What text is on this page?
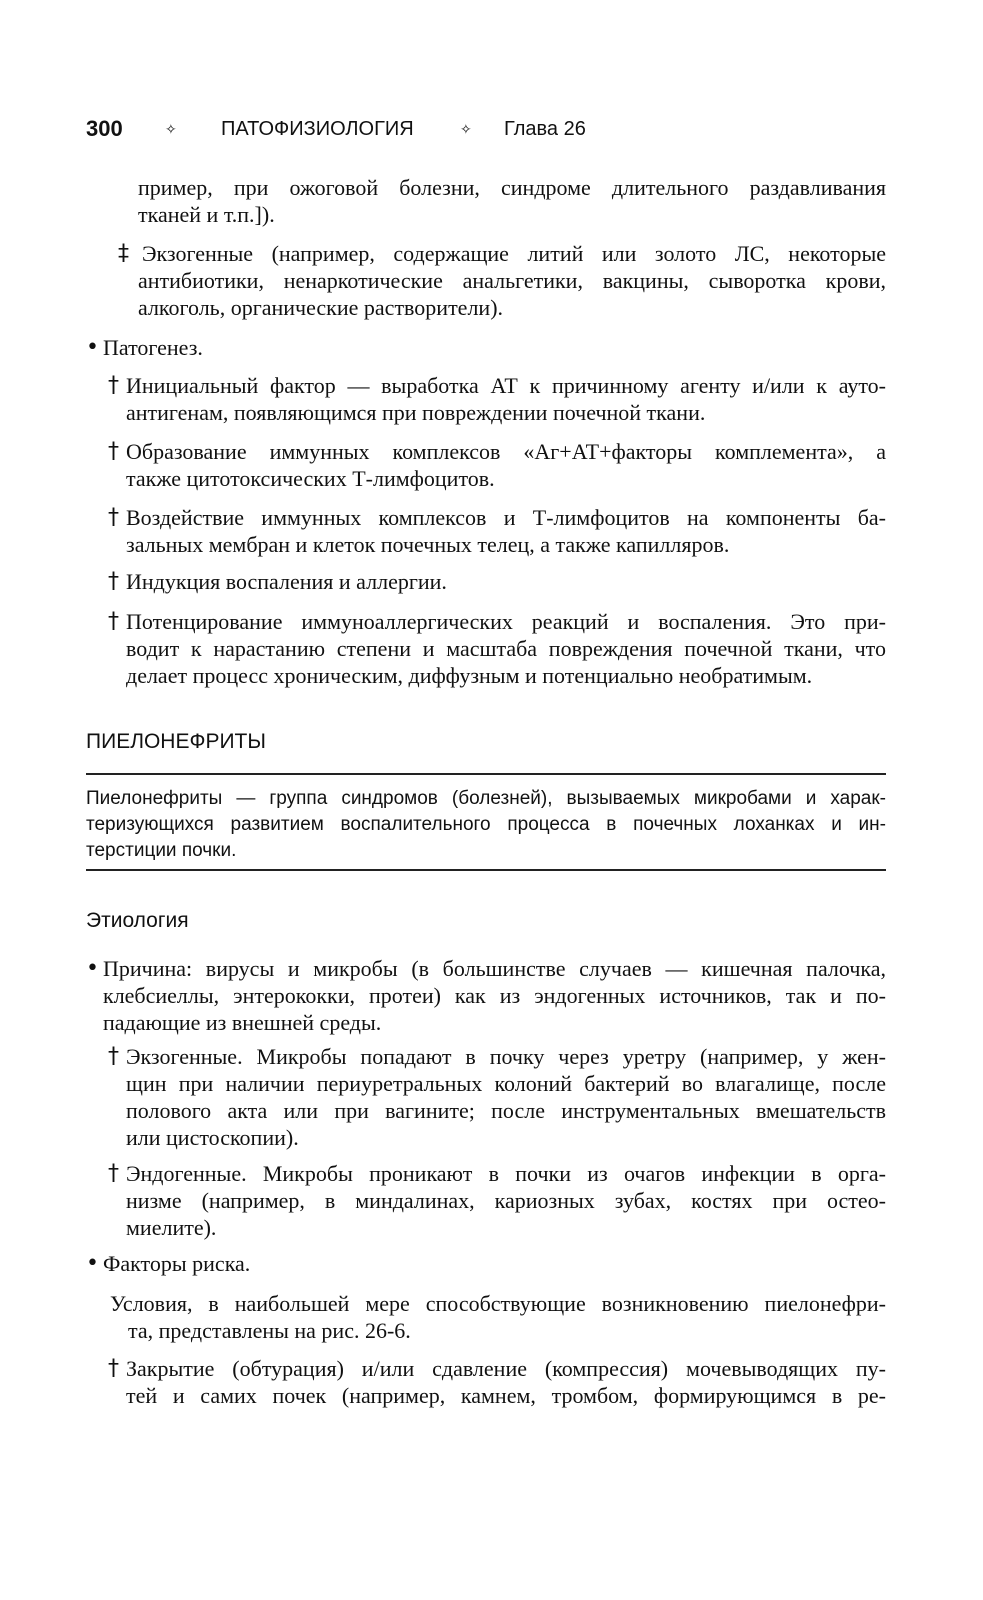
300	✧ ПАТОФИЗИОЛОГИЯ	✧ Глава 26
пример, при ожоговой болезни, синдроме длительного раздавливания
тканей и т.п.]).
‡ Экзогенные (например, содержащие литий или золото ЛС, некоторые
антибиотики, ненаркотические анальгетики, вакцины, сыворотка крови,
алкоголь, органические растворители).
• Патогенез.
† Инициальный фактор — выработка АТ к причинному агенту и/или к ауто-
антигенам, появляющимся при повреждении почечной ткани.
† Образование иммунных комплексов «Аг+АТ+факторы комплемента», а
также цитотоксических Т-лимфоцитов.
† Воздействие иммунных комплексов и Т-лимфоцитов на компоненты ба-
зальных мембран и клеток почечных телец, а также капилляров.
† Индукция воспаления и аллергии.
† Потенцирование иммуноаллергических реакций и воспаления. Это при-
водит к нарастанию степени и масштаба повреждения почечной ткани, что
делает процесс хроническим, диффузным и потенциально необратимым.
ПИЕЛОНЕФРИТЫ
Пиелонефриты — группа синдромов (болезней), вызываемых микробами и харак-
теризующихся развитием воспалительного процесса в почечных лоханках и ин-
терстиции почки.
Этиология
• Причина: вирусы и микробы (в большинстве случаев — кишечная палочка,
клебсиеллы, энтерококки, протеи) как из эндогенных источников, так и по-
падающие из внешней среды.
† Экзогенные. Микробы попадают в почку через уретру (например, у жен-
щин при наличии периуретральных колоний бактерий во влагалище, после
полового акта или при вагините; после инструментальных вмешательств
или цистоскопии).
† Эндогенные. Микробы проникают в почки из очагов инфекции в орга-
низме (например, в миндалинах, кариозных зубах, костях при остео-
миелите).
• Факторы риска.
Условия, в наибольшей мере способствующие возникновению пиелонефри-
та, представлены на рис. 26-6.
† Закрытие (обтурация) и/или сдавление (компрессия) мочевыводящих пу-
тей и самих почек (например, камнем, тромбом, формирующимся в ре-
